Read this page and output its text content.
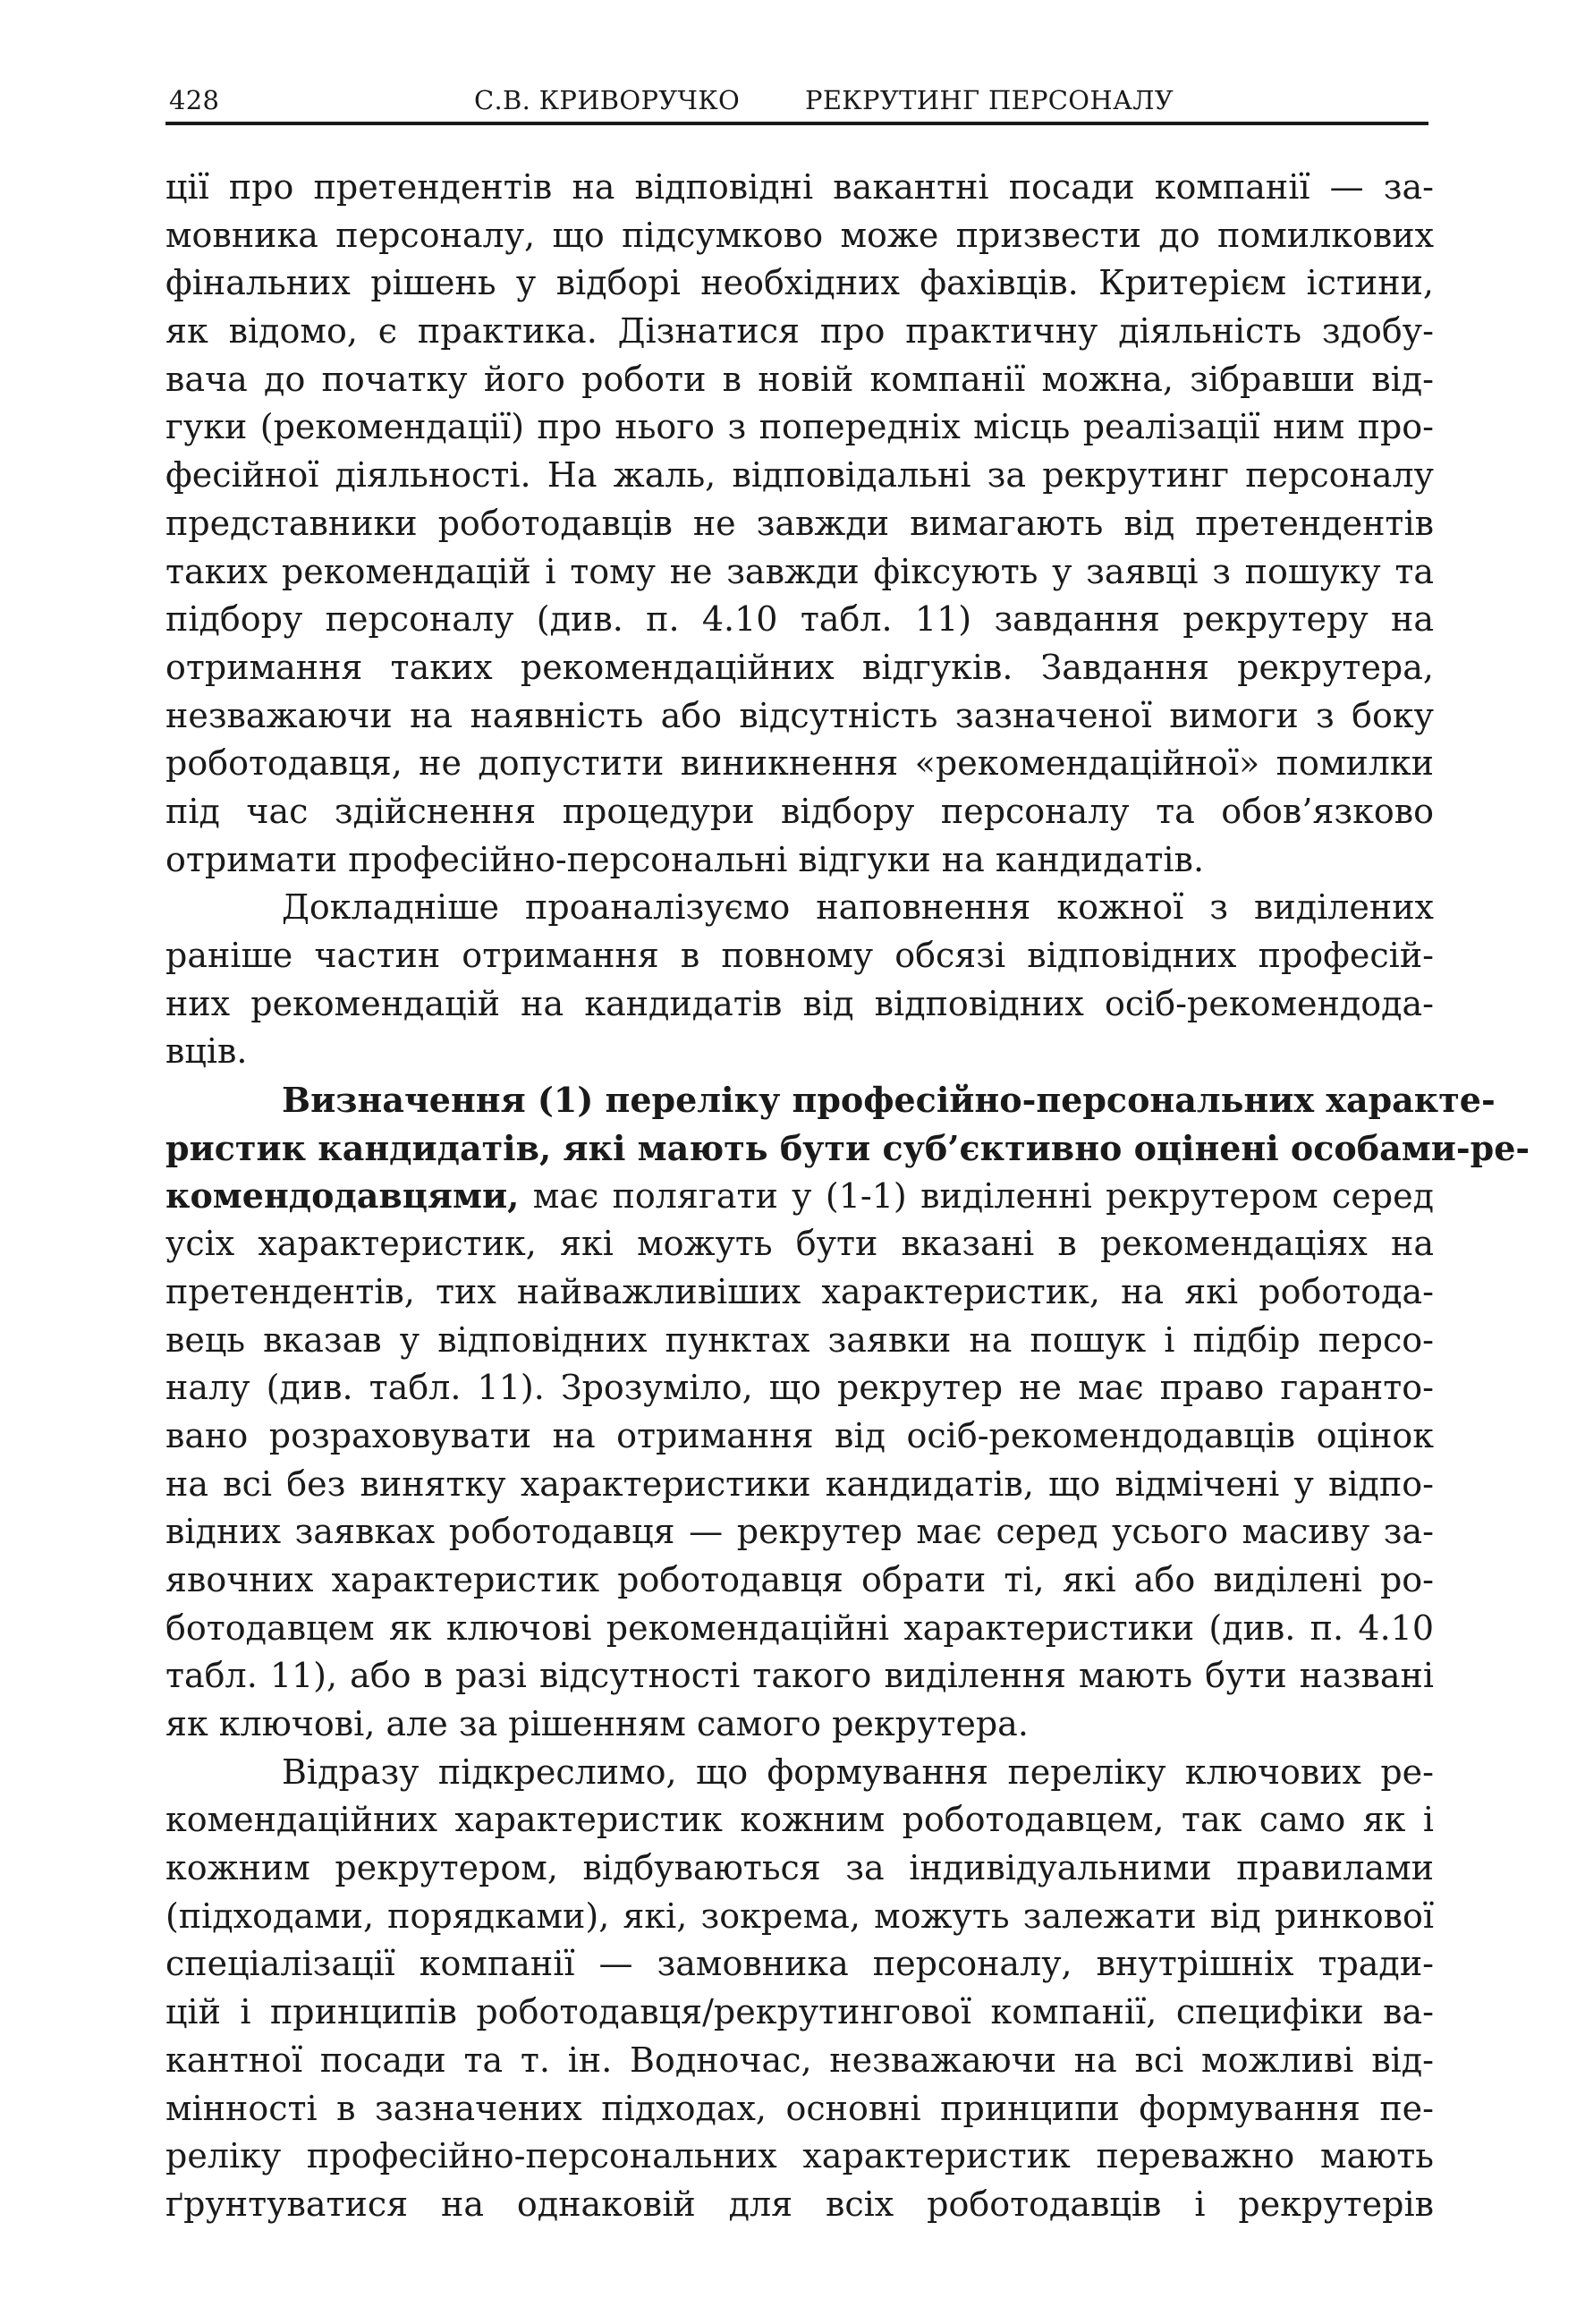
428	С.В. КРИВОРУЧКО	РЕКРУТИНГ ПЕРСОНАЛУ
ції про претендентів на відповідні вакантні посади компанії — за-
мовника персоналу, що підсумково може призвести до помилкових
фінальних рішень у відборі необхідних фахівців. Критерієм істини,
як відомо, є практика. Дізнатися про практичну діяльність здобу-
вача до початку його роботи в новій компанії можна, зібравши від-
гуки (рекомендації) про нього з попередніх місць реалізації ним про-
фесійної діяльності. На жаль, відповідальні за рекрутинг персоналу
представники роботодавців не завжди вимагають від претендентів
таких рекомендацій і тому не завжди фіксують у заявці з пошуку та
підбору персоналу (див. п. 4.10 табл. 11) завдання рекрутеру на
отримання таких рекомендаційних відгуків. Завдання рекрутера,
незважаючи на наявність або відсутність зазначеної вимоги з боку
роботодавця, не допустити виникнення «рекомендаційної» помилки
під час здійснення процедури відбору персоналу та обов’язково
отримати професійно-персональні відгуки на кандидатів.
Докладніше проаналізуємо наповнення кожної з виділених
раніше частин отримання в повному обсязі відповідних професій-
них рекомендацій на кандидатів від відповідних осіб-рекомендода-
вців.
Визначення (1) переліку професійно-персональних характе-
ристик кандидатів, які мають бути суб’єктивно оцінені особами-ре-
комендодавцями, має полягати у (1-1) виділенні рекрутером серед
усіх характеристик, які можуть бути вказані в рекомендаціях на
претендентів, тих найважливіших характеристик, на які роботода-
вець вказав у відповідних пунктах заявки на пошук і підбір персо-
налу (див. табл. 11). Зрозуміло, що рекрутер не має право гаранто-
вано розраховувати на отримання від осіб-рекомендодавців оцінок
на всі без винятку характеристики кандидатів, що відмічені у відпо-
відних заявках роботодавця — рекрутер має серед усього масиву за-
явочних характеристик роботодавця обрати ті, які або виділені ро-
ботодавцем як ключові рекомендаційні характеристики (див. п. 4.10
табл. 11), або в разі відсутності такого виділення мають бути названі
як ключові, але за рішенням самого рекрутера.
Відразу підкреслимо, що формування переліку ключових ре-
комендаційних характеристик кожним роботодавцем, так само як і
кожним рекрутером, відбуваються за індивідуальними правилами
(підходами, порядками), які, зокрема, можуть залежати від ринкової
спеціалізації компанії — замовника персоналу, внутрішніх тради-
цій і принципів роботодавця/рекрутингової компанії, специфіки ва-
кантної посади та т. ін. Водночас, незважаючи на всі можливі від-
мінності в зазначених підходах, основні принципи формування пе-
реліку професійно-персональних характеристик переважно мають
ґрунтуватися на однаковій для всіх роботодавців і рекрутерів
